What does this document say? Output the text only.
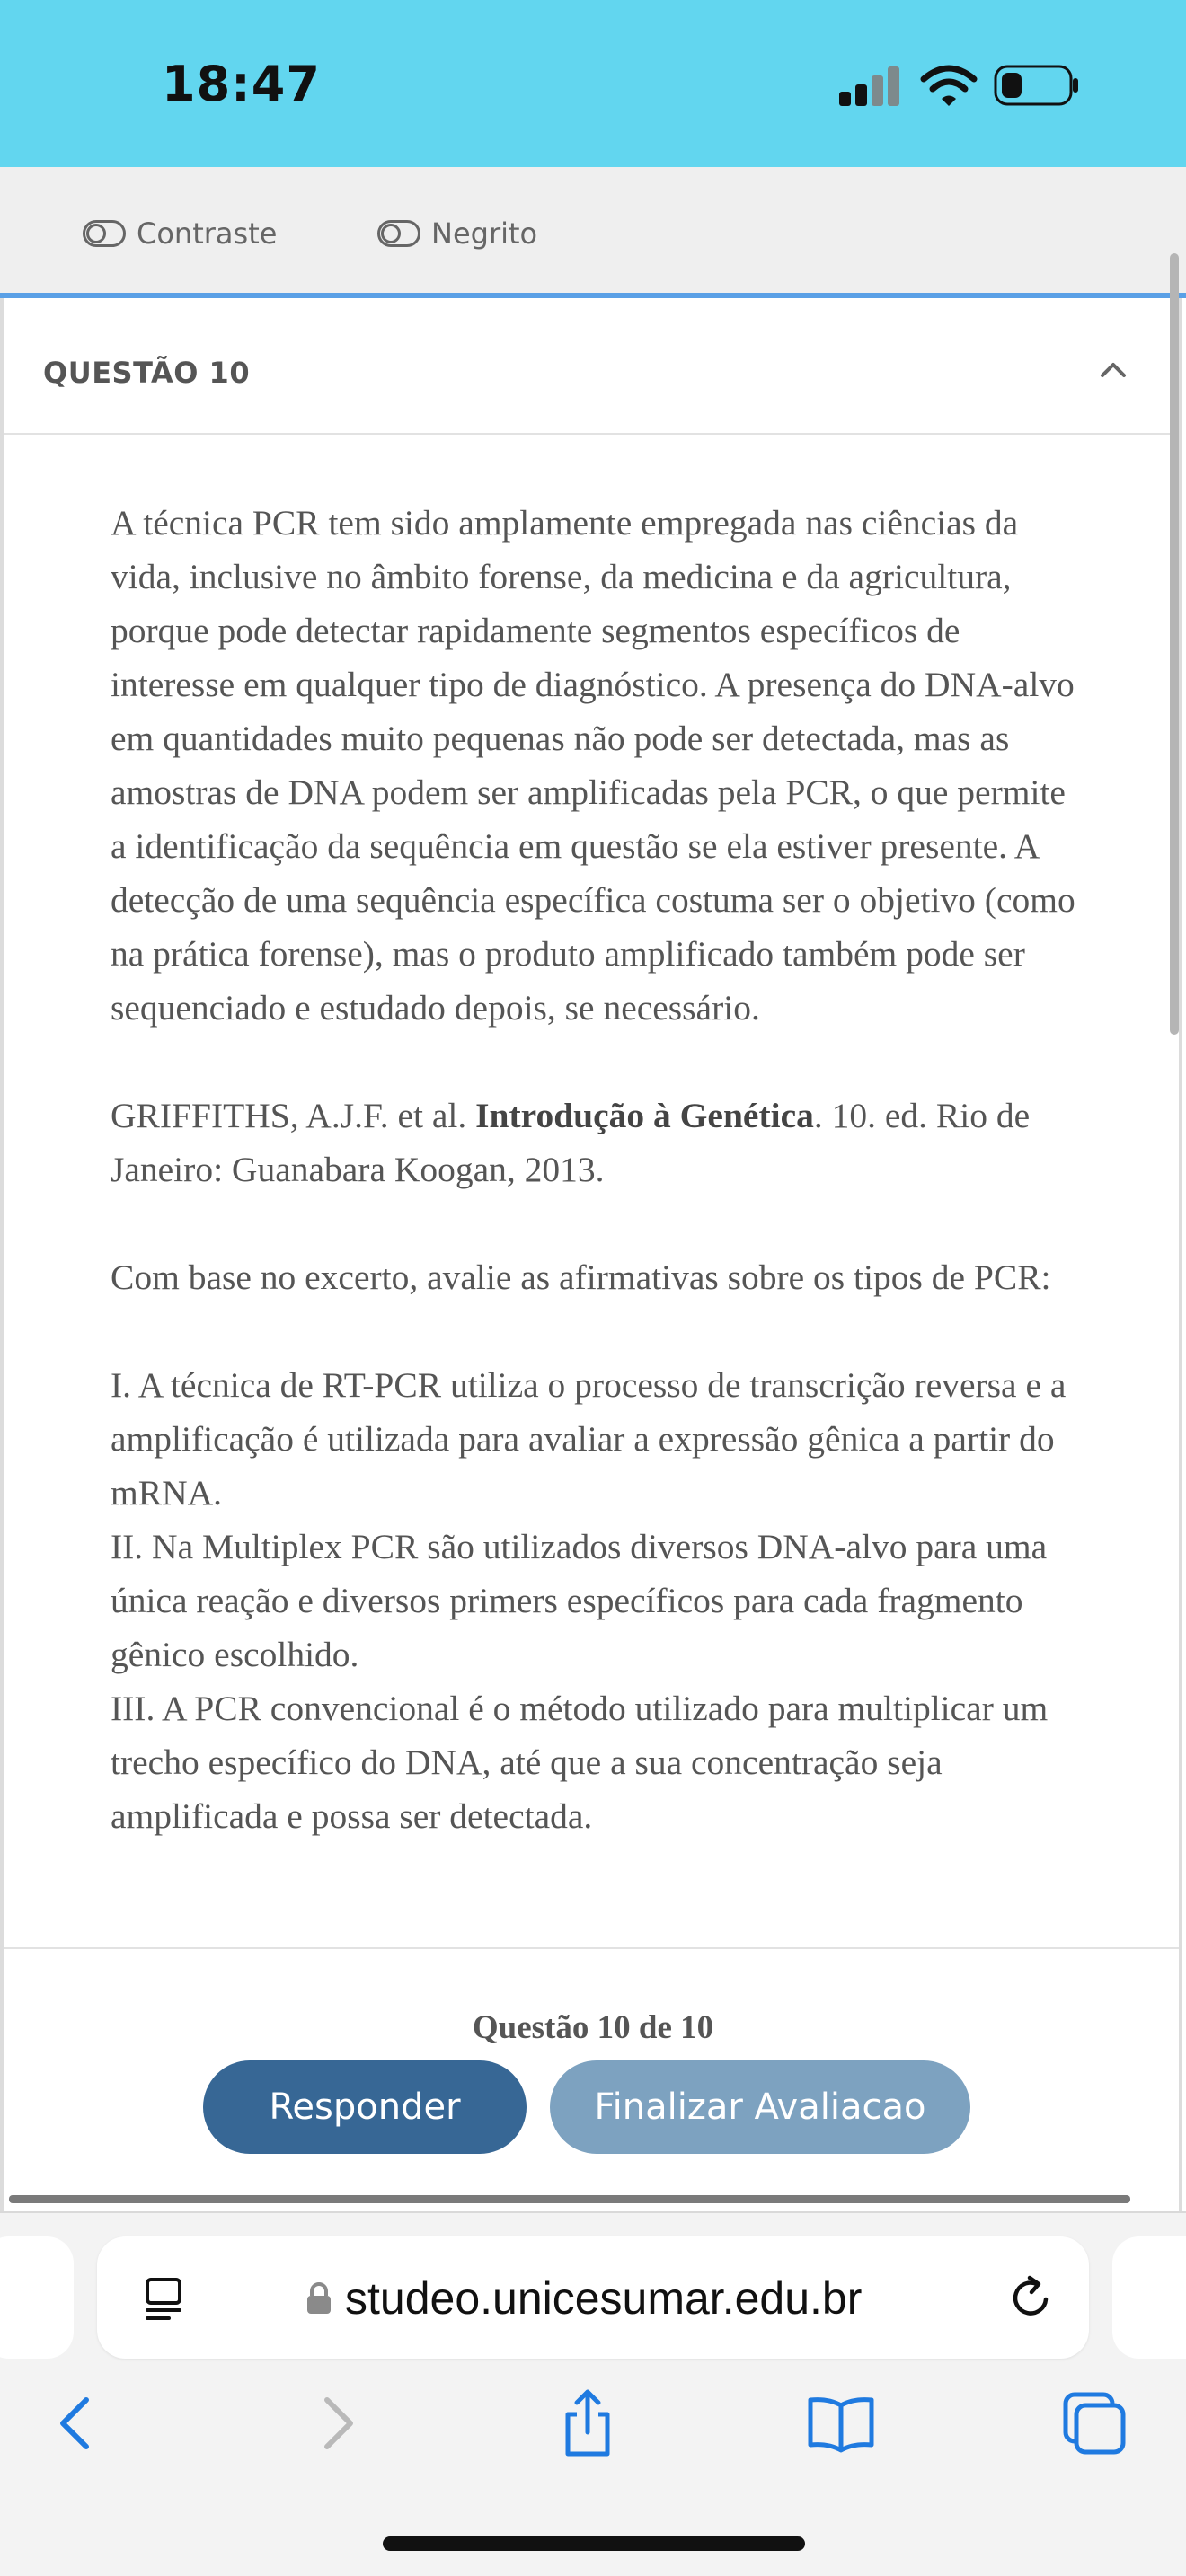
18:47
Contraste	Negrito
QUESTÃO 10

A técnica PCR tem sido amplamente empregada nas ciências da vida, inclusive no âmbito forense, da medicina e da agricultura, porque pode detectar rapidamente segmentos específicos de interesse em qualquer tipo de diagnóstico. A presença do DNA-alvo em quantidades muito pequenas não pode ser detectada, mas as amostras de DNA podem ser amplificadas pela PCR, o que permite a identificação da sequência em questão se ela estiver presente. A detecção de uma sequência específica costuma ser o objetivo (como na prática forense), mas o produto amplificado também pode ser sequenciado e estudado depois, se necessário.

GRIFFITHS, A.J.F. et al. Introdução à Genética. 10. ed. Rio de Janeiro: Guanabara Koogan, 2013.

Com base no excerto, avalie as afirmativas sobre os tipos de PCR:

I. A técnica de RT-PCR utiliza o processo de transcrição reversa e a amplificação é utilizada para avaliar a expressão gênica a partir do mRNA.

II. Na Multiplex PCR são utilizados diversos DNA-alvo para uma única reação e diversos primers específicos para cada fragmento gênico escolhido.

III. A PCR convencional é o método utilizado para multiplicar um trecho específico do DNA, até que a sua concentração seja amplificada e possa ser detectada.

Questão 10 de 10
Responder	Finalizar Avaliacao
studeo.unicesumar.edu.br
